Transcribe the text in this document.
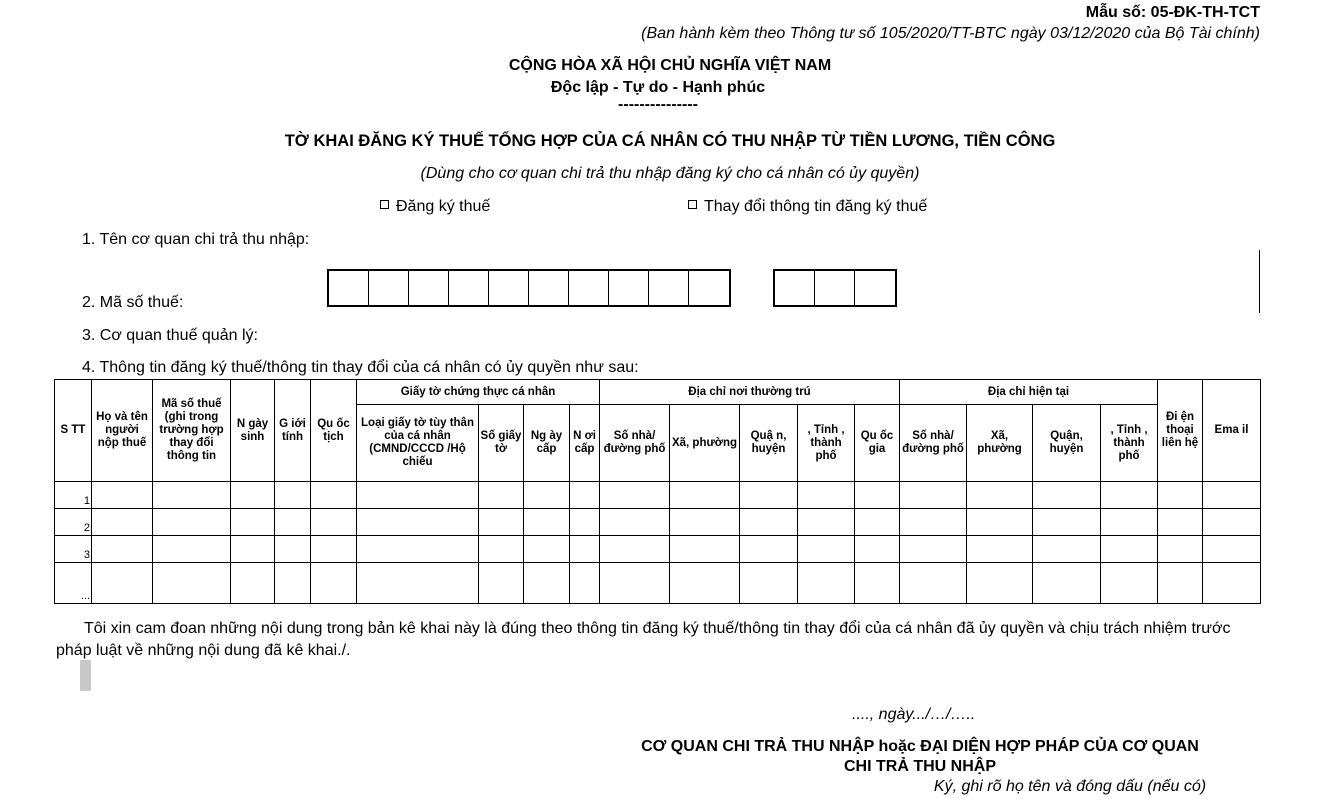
Mẫu số: 05-ĐK-TH-TCT
(Ban hành kèm theo Thông tư số 105/2020/TT-BTC ngày 03/12/2020 của Bộ Tài chính)
CỘNG HÒA XÃ HỘI CHỦ NGHĨA VIỆT NAM
Độc lập - Tự do - Hạnh phúc
---------------
TỜ KHAI ĐĂNG KÝ THUẾ TỔNG HỢP CỦA CÁ NHÂN CÓ THU NHẬP TỪ TIỀN LƯƠNG, TIỀN CÔNG
(Dùng cho cơ quan chi trả thu nhập đăng ký cho cá nhân có ủy quyền)
Đăng ký thuế	Thay đổi thông tin đăng ký thuế
1. Tên cơ quan chi trả thu nhập:
2. Mã số thuế:
3. Cơ quan thuế quản lý:
4. Thông tin đăng ký thuế/thông tin thay đổi của cá nhân có ủy quyền như sau:
S TT	Họ và tên người nộp thuế	Mã số thuế (ghi trong trường hợp thay đổi thông tin	N gày sinh	G iới tính	Qu ốc tịch	Giấy tờ chứng thực cá nhân				Địa chỉ nơi thường trú					Địa chỉ hiện tại				Đi ện thoại liên hệ	Ema il
						Loại giấy tờ tùy thân của cá nhân (CMND/CCCD /Hộ chiếu	Số giấy tờ	Ng ày cấp	N ơi cấp	Số nhà/đường phố	Xã, phường	Quậ n, huyện	, Tỉnh , thành phố	Qu ốc gia	Số nhà/ đường phố	Xã, phường	Quận, huyện	, Tỉnh , thành phố		
1																				
2																				
3																				
...																				
Tôi xin cam đoan những nội dung trong bản kê khai này là đúng theo thông tin đăng ký thuế/thông tin thay đổi của cá nhân đã ủy quyền và chịu trách nhiệm trước pháp luật về những nội dung đã kê khai./.
...., ngày.../…/…..
CƠ QUAN CHI TRẢ THU NHẬP hoặc ĐẠI DIỆN HỢP PHÁP CỦA CƠ QUAN
CHI TRẢ THU NHẬP
Ký, ghi rõ họ tên và đóng dấu (nếu có)
